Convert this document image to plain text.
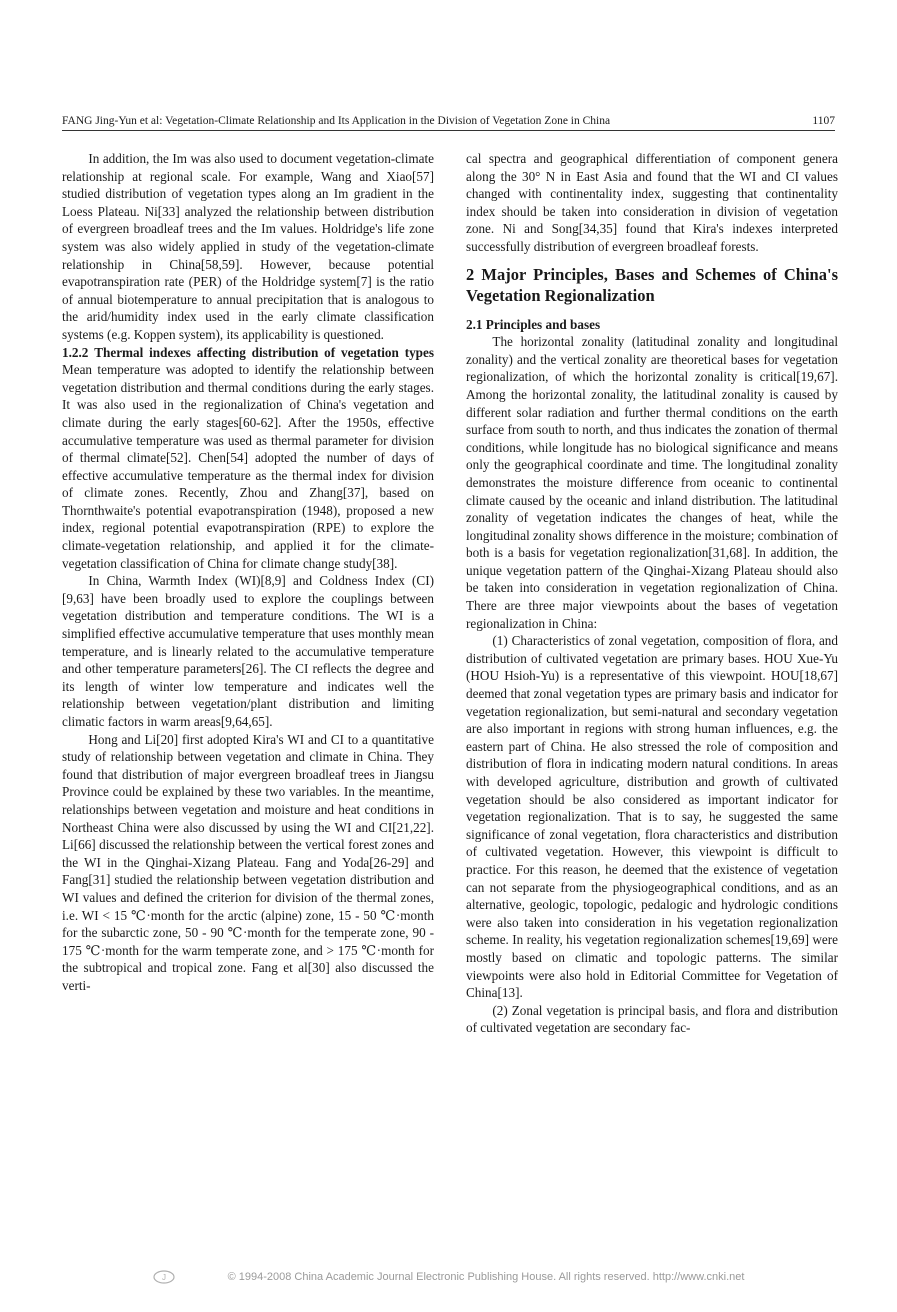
FANG Jing-Yun et al: Vegetation-Climate Relationship and Its Application in the Division of Vegetation Zone in China	1107

In addition, the Im was also used to document vegetation-climate relationship at regional scale. For example, Wang and Xiao[57] studied distribution of vegetation types along an Im gradient in the Loess Plateau. Ni[33] analyzed the relationship between distribution of evergreen broadleaf trees and the Im values. Holdridge's life zone system was also widely applied in study of the vegetation-climate relationship in China[58,59]. However, because potential evapotranspiration rate (PER) of the Holdridge system[7] is the ratio of annual biotemperature to annual precipitation that is analogous to the arid/humidity index used in the early climate classification systems (e.g. Koppen system), its applicability is questioned.

1.2.2 Thermal indexes affecting distribution of vegetation types Mean temperature was adopted to identify the relationship between vegetation distribution and thermal conditions during the early stages. It was also used in the regionalization of China's vegetation and climate during the early stages[60-62]. After the 1950s, effective accumulative temperature was used as thermal parameter for division of thermal climate[52]. Chen[54] adopted the number of days of effective accumulative temperature as the thermal index for division of climate zones. Recently, Zhou and Zhang[37], based on Thornthwaite's potential evapotranspiration (1948), proposed a new index, regional potential evapotranspiration (RPE) to explore the climate-vegetation relationship, and applied it for the climate-vegetation classification of China for climate change study[38].

In China, Warmth Index (WI)[8,9] and Coldness Index (CI)[9,63] have been broadly used to explore the couplings between vegetation distribution and temperature conditions. The WI is a simplified effective accumulative temperature that uses monthly mean temperature, and is linearly related to the accumulative temperature and other temperature parameters[26]. The CI reflects the degree and its length of winter low temperature and indicates well the relationship between vegetation/plant distribution and limiting climatic factors in warm areas[9,64,65].

Hong and Li[20] first adopted Kira's WI and CI to a quantitative study of relationship between vegetation and climate in China. They found that distribution of major evergreen broadleaf trees in Jiangsu Province could be explained by these two variables. In the meantime, relationships between vegetation and moisture and heat conditions in Northeast China were also discussed by using the WI and CI[21,22]. Li[66] discussed the relationship between the vertical forest zones and the WI in the Qinghai-Xizang Plateau. Fang and Yoda[26-29] and Fang[31] studied the relationship between vegetation distribution and WI values and defined the criterion for division of the thermal zones, i.e. WI < 15 ℃·month for the arctic (alpine) zone, 15 - 50 ℃·month for the subarctic zone, 50 - 90 ℃·month for the temperate zone, 90 - 175 ℃·month for the warm temperate zone, and > 175 ℃·month for the subtropical and tropical zone. Fang et al[30] also discussed the verti-

cal spectra and geographical differentiation of component genera along the 30° N in East Asia and found that the WI and CI values changed with continentality index, suggesting that continentality index should be taken into consideration in division of vegetation zone. Ni and Song[34,35] found that Kira's indexes interpreted successfully distribution of evergreen broadleaf forests.

2 Major Principles, Bases and Schemes of China's Vegetation Regionalization
2.1 Principles and bases

The horizontal zonality (latitudinal zonality and longitudinal zonality) and the vertical zonality are theoretical bases for vegetation regionalization, of which the horizontal zonality is critical[19,67]. Among the horizontal zonality, the latitudinal zonality is caused by different solar radiation and further thermal conditions on the earth surface from south to north, and thus indicates the zonation of thermal conditions, while longitude has no biological significance and means only the geographical coordinate and time. The longitudinal zonality demonstrates the moisture difference from oceanic to continental climate caused by the oceanic and inland distribution. The latitudinal zonality of vegetation indicates the changes of heat, while the longitudinal zonality shows difference in the moisture; combination of both is a basis for vegetation regionalization[31,68]. In addition, the unique vegetation pattern of the Qinghai-Xizang Plateau should also be taken into consideration in vegetation regionalization of China. There are three major viewpoints about the bases of vegetation regionalization in China:

(1) Characteristics of zonal vegetation, composition of flora, and distribution of cultivated vegetation are primary bases. HOU Xue-Yu (HOU Hsioh-Yu) is a representative of this viewpoint. HOU[18,67] deemed that zonal vegetation types are primary basis and indicator for vegetation regionalization, but semi-natural and secondary vegetation are also important in regions with strong human influences, e.g. the eastern part of China. He also stressed the role of composition and distribution of flora in indicating modern natural conditions. In areas with developed agriculture, distribution and growth of cultivated vegetation should be also considered as important indicator for vegetation regionalization. That is to say, he suggested the same significance of zonal vegetation, flora characteristics and distribution of cultivated vegetation. However, this viewpoint is difficult to practice. For this reason, he deemed that the existence of vegetation can not separate from the physiogeographical conditions, and as an alternative, geologic, topologic, pedalogic and hydrologic conditions were also taken into consideration in his vegetation regionalization scheme. In reality, his vegetation regionalization schemes[19,69] were mostly based on climatic and topologic patterns. The similar viewpoints were also hold in Editorial Committee for Vegetation of China[13].

(2) Zonal vegetation is principal basis, and flora and distribution of cultivated vegetation are secondary fac-

J	© 1994-2008 China Academic Journal Electronic Publishing House. All rights reserved. http://www.cnki.net
